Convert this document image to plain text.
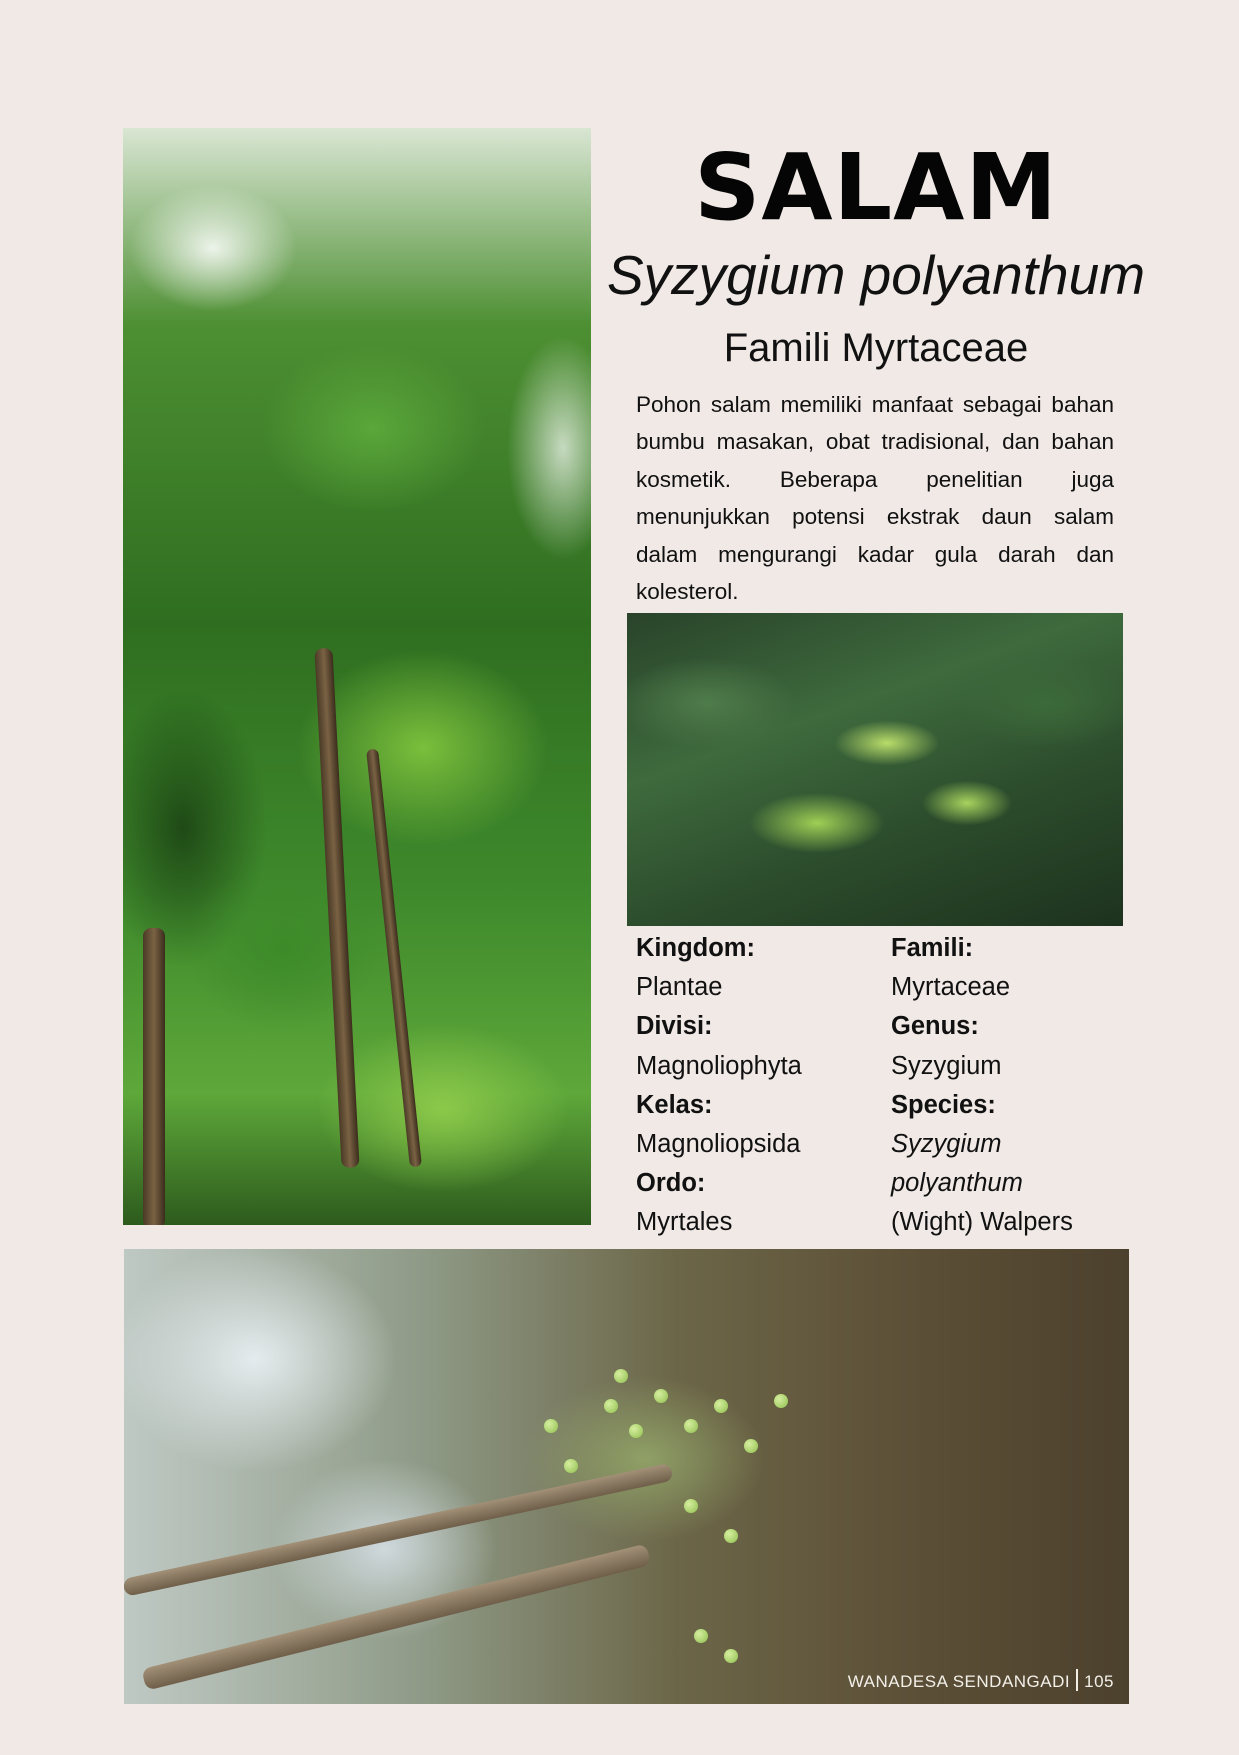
SALAM
Syzygium polyanthum
Famili Myrtaceae

Pohon salam memiliki manfaat sebagai bahan bumbu masakan, obat tradisional, dan bahan kosmetik. Beberapa penelitian juga menunjukkan potensi ekstrak daun salam dalam mengurangi kadar gula darah dan kolesterol.

Kingdom:
Plantae
Divisi:
Magnoliophyta
Kelas:
Magnoliopsida
Ordo:
Myrtales
Famili:
Myrtaceae
Genus:
Syzygium
Species:
Syzygium
polyanthum
(Wight) Walpers
WANADESA SENDANGADI 105
